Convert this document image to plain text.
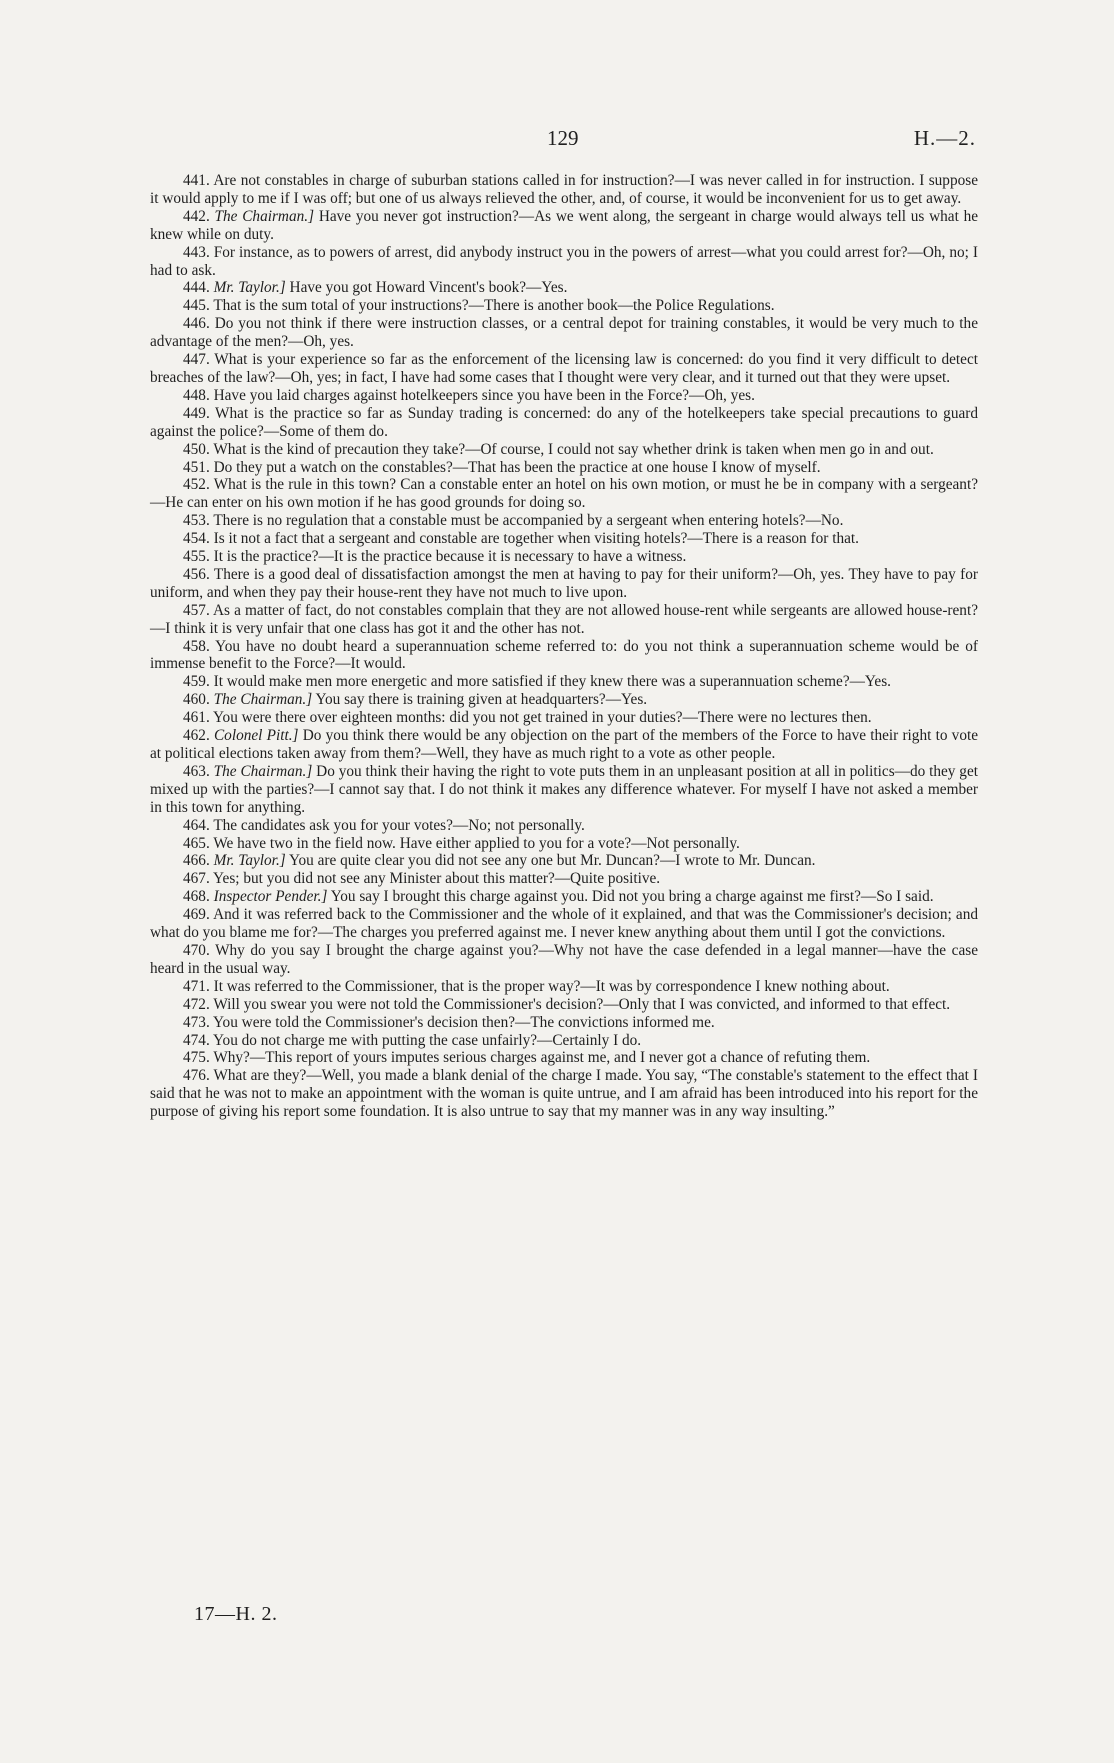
129	H.—2.

441. Are not constables in charge of suburban stations called in for instruction?—I was never called in for instruction. I suppose it would apply to me if I was off; but one of us always relieved the other, and, of course, it would be inconvenient for us to get away.

442. The Chairman.] Have you never got instruction?—As we went along, the sergeant in charge would always tell us what he knew while on duty.

443. For instance, as to powers of arrest, did anybody instruct you in the powers of arrest—what you could arrest for?—Oh, no; I had to ask.

444. Mr. Taylor.] Have you got Howard Vincent's book?—Yes.

445. That is the sum total of your instructions?—There is another book—the Police Regulations.

446. Do you not think if there were instruction classes, or a central depot for training constables, it would be very much to the advantage of the men?—Oh, yes.

447. What is your experience so far as the enforcement of the licensing law is concerned: do you find it very difficult to detect breaches of the law?—Oh, yes; in fact, I have had some cases that I thought were very clear, and it turned out that they were upset.

448. Have you laid charges against hotelkeepers since you have been in the Force?—Oh, yes.

449. What is the practice so far as Sunday trading is concerned: do any of the hotelkeepers take special precautions to guard against the police?—Some of them do.

450. What is the kind of precaution they take?—Of course, I could not say whether drink is taken when men go in and out.

451. Do they put a watch on the constables?—That has been the practice at one house I know of myself.

452. What is the rule in this town? Can a constable enter an hotel on his own motion, or must he be in company with a sergeant?—He can enter on his own motion if he has good grounds for doing so.

453. There is no regulation that a constable must be accompanied by a sergeant when entering hotels?—No.

454. Is it not a fact that a sergeant and constable are together when visiting hotels?—There is a reason for that.

455. It is the practice?—It is the practice because it is necessary to have a witness.

456. There is a good deal of dissatisfaction amongst the men at having to pay for their uniform?—Oh, yes. They have to pay for uniform, and when they pay their house-rent they have not much to live upon.

457. As a matter of fact, do not constables complain that they are not allowed house-rent while sergeants are allowed house-rent?—I think it is very unfair that one class has got it and the other has not.

458. You have no doubt heard a superannuation scheme referred to: do you not think a superannuation scheme would be of immense benefit to the Force?—It would.

459. It would make men more energetic and more satisfied if they knew there was a superannuation scheme?—Yes.

460. The Chairman.] You say there is training given at headquarters?—Yes.

461. You were there over eighteen months: did you not get trained in your duties?—There were no lectures then.

462. Colonel Pitt.] Do you think there would be any objection on the part of the members of the Force to have their right to vote at political elections taken away from them?—Well, they have as much right to a vote as other people.

463. The Chairman.] Do you think their having the right to vote puts them in an unpleasant position at all in politics—do they get mixed up with the parties?—I cannot say that. I do not think it makes any difference whatever. For myself I have not asked a member in this town for anything.

464. The candidates ask you for your votes?—No; not personally.

465. We have two in the field now. Have either applied to you for a vote?—Not personally.

466. Mr. Taylor.] You are quite clear you did not see any one but Mr. Duncan?—I wrote to Mr. Duncan.

467. Yes; but you did not see any Minister about this matter?—Quite positive.

468. Inspector Pender.] You say I brought this charge against you. Did not you bring a charge against me first?—So I said.

469. And it was referred back to the Commissioner and the whole of it explained, and that was the Commissioner's decision; and what do you blame me for?—The charges you preferred against me. I never knew anything about them until I got the convictions.

470. Why do you say I brought the charge against you?—Why not have the case defended in a legal manner—have the case heard in the usual way.

471. It was referred to the Commissioner, that is the proper way?—It was by correspondence I knew nothing about.

472. Will you swear you were not told the Commissioner's decision?—Only that I was convicted, and informed to that effect.

473. You were told the Commissioner's decision then?—The convictions informed me.

474. You do not charge me with putting the case unfairly?—Certainly I do.

475. Why?—This report of yours imputes serious charges against me, and I never got a chance of refuting them.

476. What are they?—Well, you made a blank denial of the charge I made. You say, “The constable's statement to the effect that I said that he was not to make an appointment with the woman is quite untrue, and I am afraid has been introduced into his report for the purpose of giving his report some foundation. It is also untrue to say that my manner was in any way insulting.”

17—H. 2.
